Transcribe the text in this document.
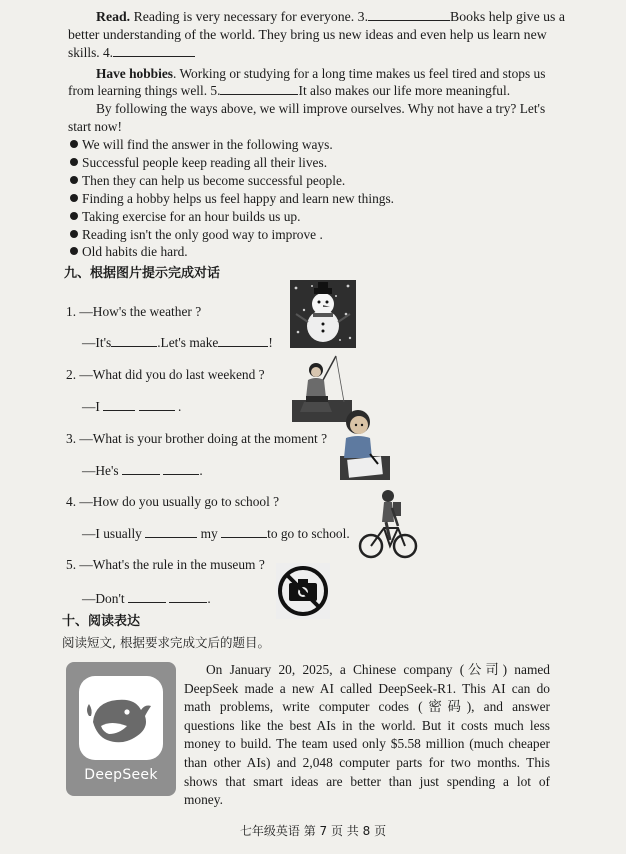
Read. Reading is very necessary for everyone. 3.	Books help give us a
better understanding of the world. They bring us new ideas and even help us learn new
skills. 4.
Have hobbies. Working or studying for a long time makes us feel tired and stops us
from learning things well. 5.	It also makes our life more meaningful.
By following the ways above, we will improve ourselves. Why not have a try? Let's
start now!
We will find the answer in the following ways.
Successful people keep reading all their lives.
Then they can help us become successful people.
Finding a hobby helps us feel happy and learn new things.
Taking exercise for an hour builds us up.
Reading isn't the only good way to improve .
Old habits die hard.
九、根据图片提示完成对话
1. —How's the weather ?
—It's	.Let's make	!
2. —What did you do last weekend ?
—I	.
3. —What is your brother doing at the moment ?
—He's	.
4. —How do you usually go to school ?
—I usually	my	to go to school.
5. —What's the rule in the museum ?
—Don't	.
十、阅读表达
阅读短文, 根据要求完成文后的题目。
DeepSeek

On January 20, 2025, a Chinese company (公司) named

DeepSeek made a new AI called DeepSeek-R1. This AI can do
math problems, write computer codes (密码), and answer
questions like the best AIs in the world. But it costs much less
money to build. The team used only $5.58 million (much cheaper
than other AIs) and 2,048 computer parts for two months. This
shows that smart ideas are better than just spending a lot of
money.
七年级英语 第 7 页 共 8 页
